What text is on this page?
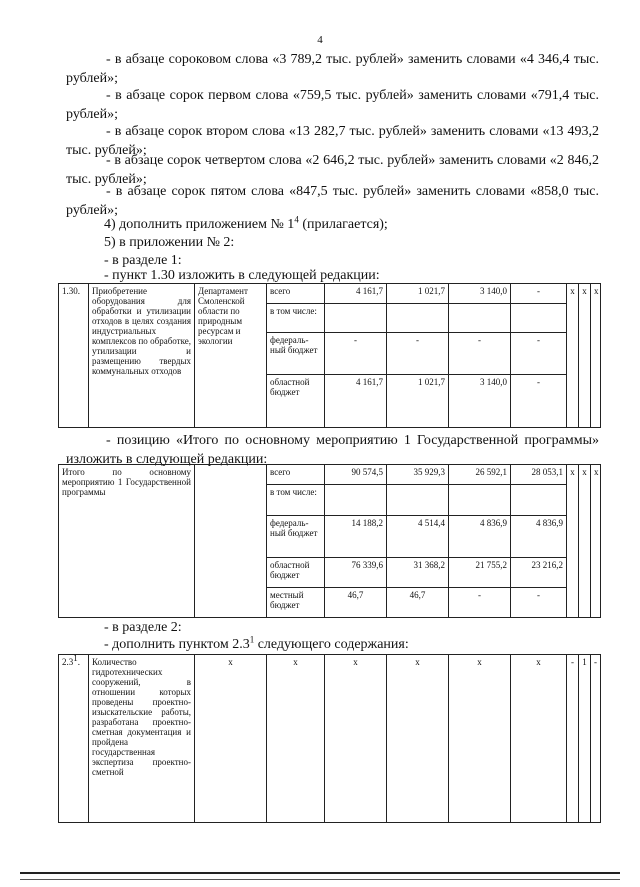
4

- в абзаце сороковом слова «3 789,2 тыс. рублей» заменить словами «4 346,4 тыс. рублей»;

- в абзаце сорок первом слова «759,5 тыс. рублей» заменить словами «791,4 тыс. рублей»;

- в абзаце сорок втором слова «13 282,7 тыс. рублей» заменить словами «13 493,2 тыс. рублей»;

- в абзаце сорок четвертом слова «2 646,2 тыс. рублей» заменить словами «2 846,2 тыс. рублей»;

- в абзаце сорок пятом слова «847,5 тыс. рублей» заменить словами «858,0 тыс. рублей»;

4) дополнить приложением № $1^4$ (прилагается);

5) в приложении № 2:

- в разделе 1:

- пункт 1.30 изложить в следующей редакции:

1.30.	Приобретение оборудования для обработки и утилизации отходов в целях создания индустриальных комплексов по обработке, утилизации и размещению твердых коммунальных отходов	Департамент Смоленской области по природным ресурсам и экологии	всего	4 161,7	1 021,7	3 140,0	-	х	х	х
			в том числе:							
			федераль-ный бюджет	-	-	-	-			
			областной бюджет	4 161,7	1 021,7	3 140,0	-			

- позицию «Итого по основному мероприятию 1 Государственной программы» изложить в следующей редакции:

Итого по основному мероприятию 1 Государственной программы		всего	90 574,5	35 929,3	26 592,1	28 053,1	х	х	х
		в том числе:							
		федераль-ный бюджет	14 188,2	4 514,4	4 836,9	4 836,9			
		областной бюджет	76 339,6	31 368,2	21 755,2	23 216,2			
		местный бюджет	46,7	46,7	-	-			

- в разделе 2:

- дополнить пунктом $2.3^1$ следующего содержания:

$2.3^1$.	Количество гидротехнических сооружений, в отношении которых проведены проектно-изыскательские работы, разработана проектно-сметная документация и пройдена государственная экспертиза проектно-сметной	х	х	х	х	х	х	-	1	-
